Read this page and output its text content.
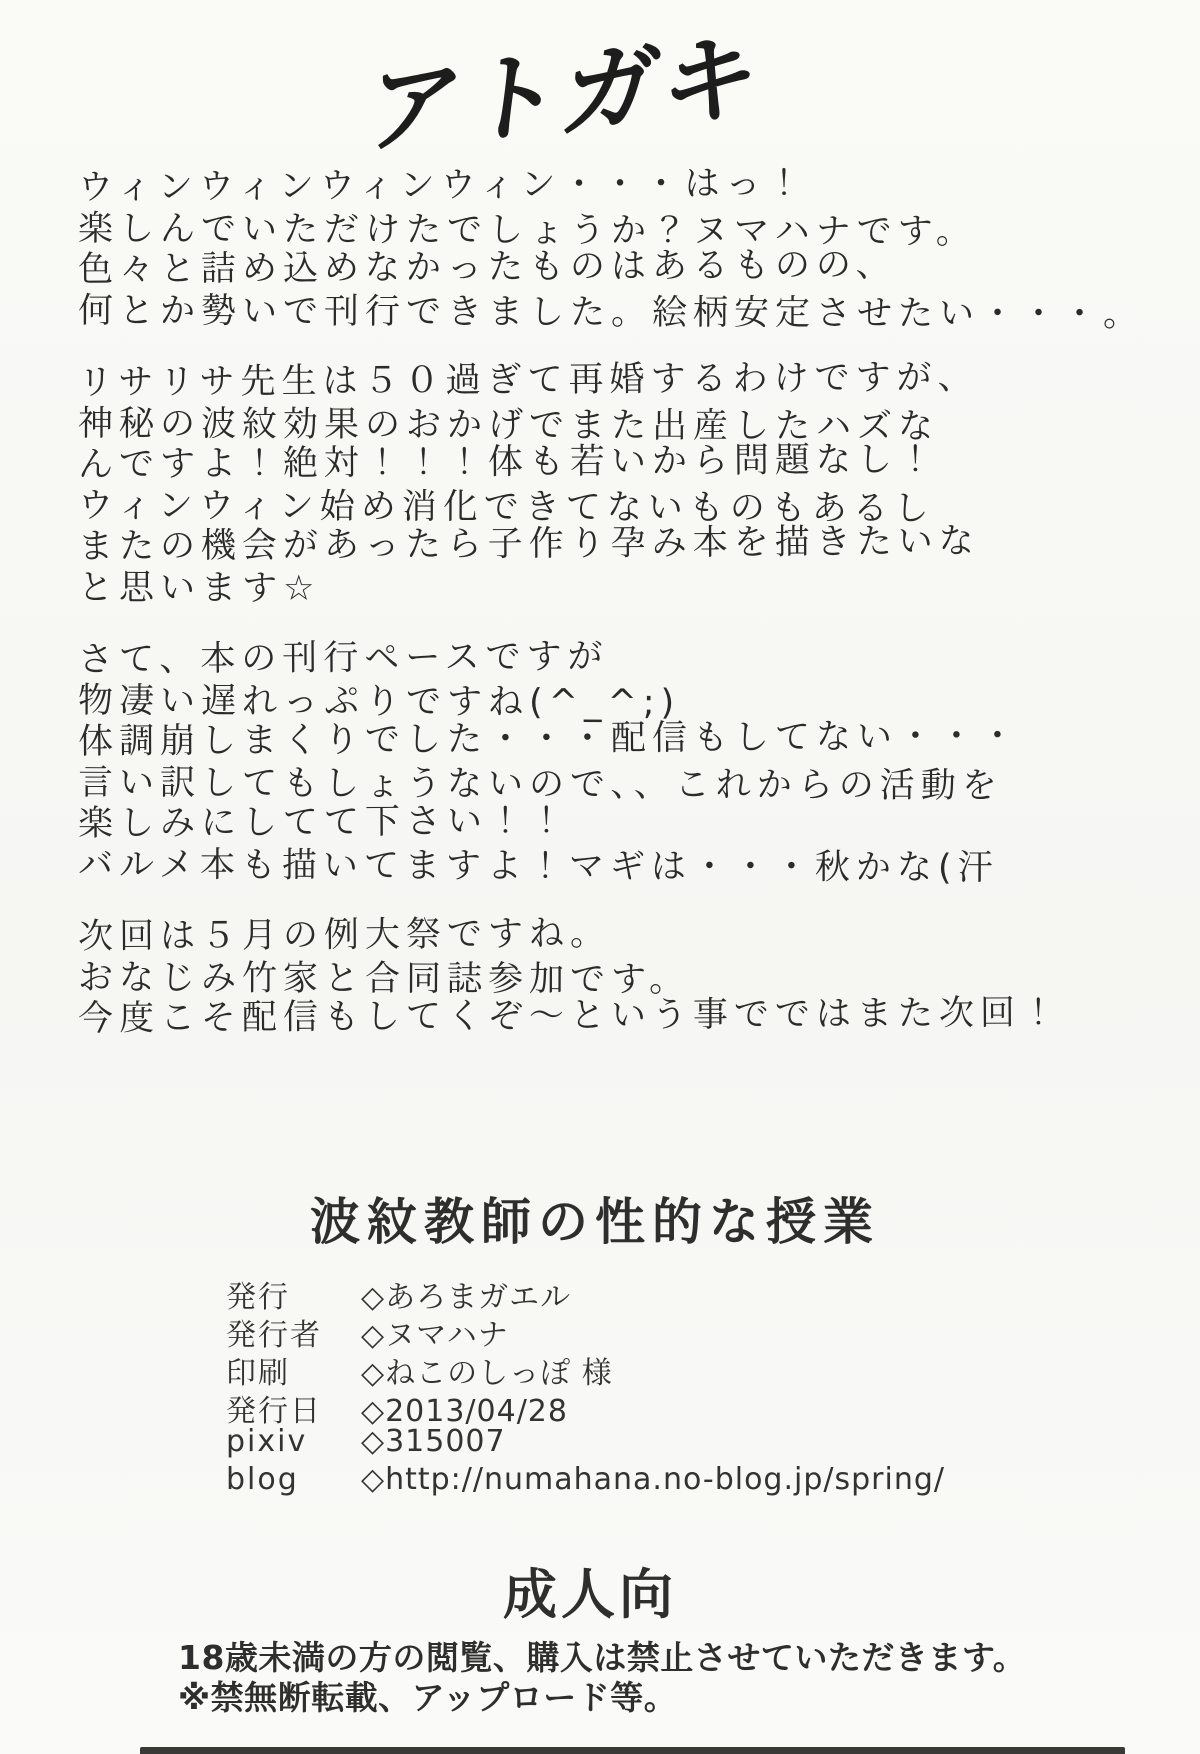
アトガキ
ウィンウィンウィンウィン・・・はっ！
楽しんでいただけたでしょうか？ヌマハナです。
色々と詰め込めなかったものはあるものの、
何とか勢いで刊行できました。絵柄安定させたい・・・。
リサリサ先生は５０過ぎて再婚するわけですが、
神秘の波紋効果のおかげでまた出産したハズな
んですよ！絶対！！！体も若いから問題なし！
ウィンウィン始め消化できてないものもあるし
またの機会があったら子作り孕み本を描きたいな
と思います☆
さて、本の刊行ペースですが
物凄い遅れっぷりですね(^_^;)
体調崩しまくりでした・・・配信もしてない・・・
言い訳してもしょうないので、、これからの活動を
楽しみにしてて下さい！！
バルメ本も描いてますよ！マギは・・・秋かな(汗
次回は５月の例大祭ですね。
おなじみ竹家と合同誌参加です。
今度こそ配信もしてくぞ～という事でではまた次回！
波紋教師の性的な授業
発行	◇あろまガエル
発行者	◇ヌマハナ
印刷	◇ねこのしっぽ 様
発行日	◇2013/04/28
pixiv	◇315007
blog	◇http://numahana.no-blog.jp/spring/
成人向
18歳未満の方の閲覧、購入は禁止させていただきます。
※禁無断転載、アップロード等。
